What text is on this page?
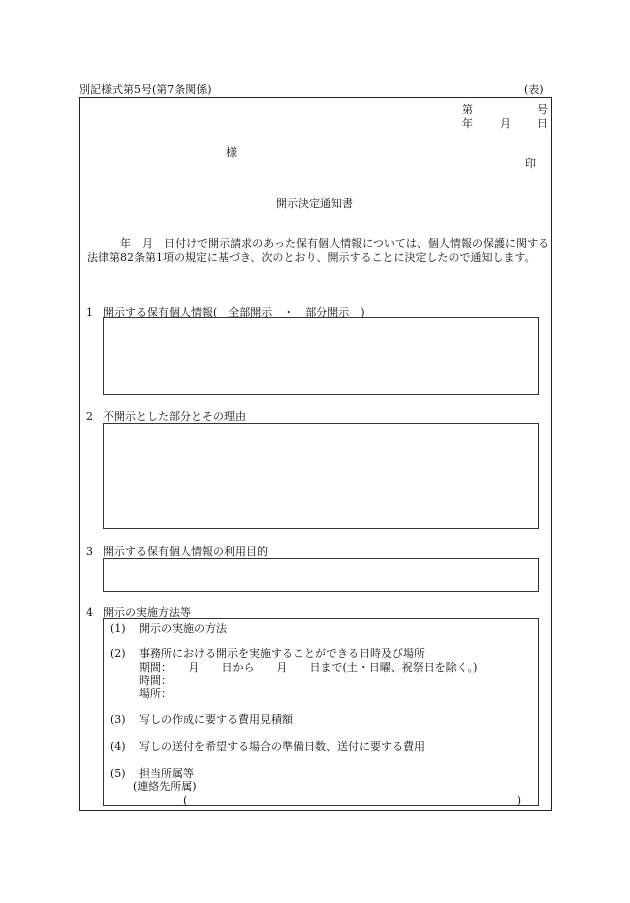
別記様式第5号(第7条関係)	(表)
第	号
年 月 日
様
印
開示決定通知書
　　　年　月　日付けで開示請求のあった保有個人情報については、個人情報の保護に関する法律第82条第1項の規定に基づき、次のとおり、開示することに決定したので通知します。
1 開示する保有個人情報(　全部開示　・　部分開示　)
2 不開示とした部分とその理由
3 開示する保有個人情報の利用目的
4 開示の実施方法等
(1) 開示の実施の方法
(2) 事務所における開示を実施することができる日時及び場所
期間：　　月　　日から　　月　　日まで(土・日曜、祝祭日を除く。)
時間：
場所：
(3) 写しの作成に要する費用見積額
(4) 写しの送付を希望する場合の準備日数、送付に要する費用
(5) 担当所属等
(連絡先所属)
(	)
